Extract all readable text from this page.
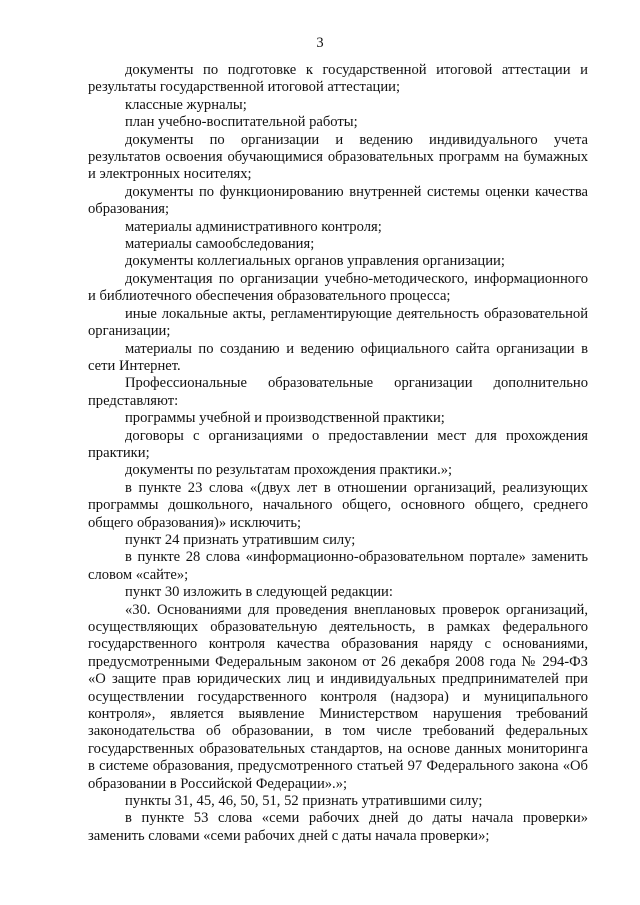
3

документы по подготовке к государственной итоговой аттестации и результаты государственной итоговой аттестации;

классные журналы;

план учебно-воспитательной работы;

документы по организации и ведению индивидуального учета результатов освоения обучающимися образовательных программ на бумажных и электронных носителях;

документы по функционированию внутренней системы оценки качества образования;

материалы административного контроля;

материалы самообследования;

документы коллегиальных органов управления организации;

документация по организации учебно-методического, информационного и библиотечного обеспечения образовательного процесса;

иные локальные акты, регламентирующие деятельность образовательной организации;

материалы по созданию и ведению официального сайта организации в сети Интернет.

Профессиональные образовательные организации дополнительно представляют:

программы учебной и производственной практики;

договоры с организациями о предоставлении мест для прохождения практики;

документы по результатам прохождения практики.»;

в пункте 23 слова «(двух лет в отношении организаций, реализующих программы дошкольного, начального общего, основного общего, среднего общего образования)» исключить;

пункт 24 признать утратившим силу;

в пункте 28 слова «информационно-образовательном портале» заменить словом «сайте»;

пункт 30 изложить в следующей редакции:

«30. Основаниями для проведения внеплановых проверок организаций, осуществляющих образовательную деятельность, в рамках федерального государственного контроля качества образования наряду с основаниями, предусмотренными Федеральным законом от 26 декабря 2008 года № 294-ФЗ «О защите прав юридических лиц и индивидуальных предпринимателей при осуществлении государственного контроля (надзора) и муниципального контроля», является выявление Министерством нарушения требований законодательства об образовании, в том числе требований федеральных государственных образовательных стандартов, на основе данных мониторинга в системе образования, предусмотренного статьей 97 Федерального закона «Об образовании в Российской Федерации».»;

пункты 31, 45, 46, 50, 51, 52 признать утратившими силу;

в пункте 53 слова «семи рабочих дней до даты начала проверки» заменить словами «семи рабочих дней с даты начала проверки»;
